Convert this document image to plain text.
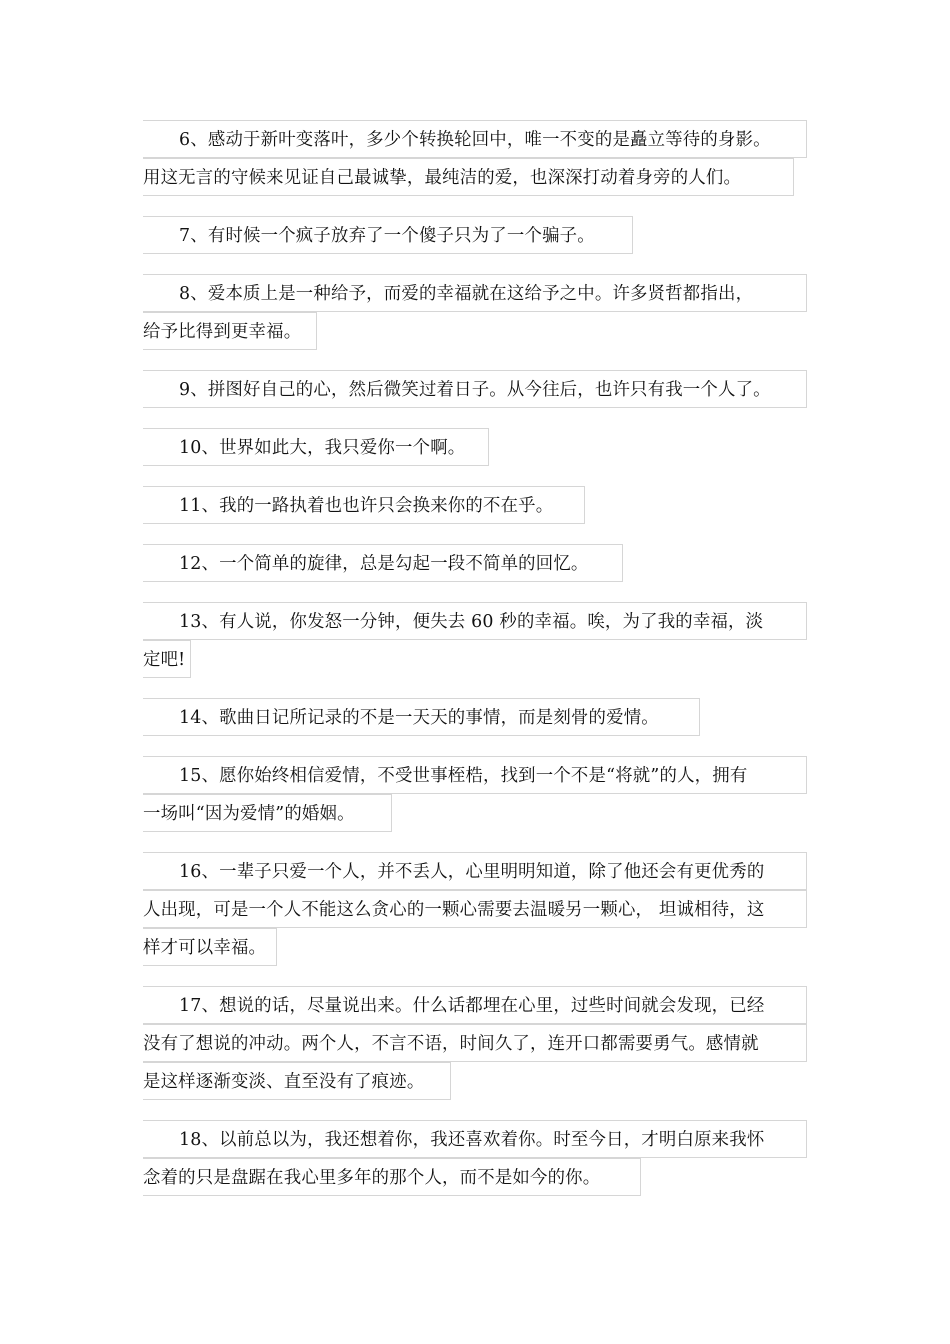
6、感动于新叶变落叶，多少个转换轮回中，唯一不变的是矗立等待的身影。
用这无言的守候来见证自己最诚挚，最纯洁的爱，也深深打动着身旁的人们。
7、有时候一个疯子放弃了一个傻子只为了一个骗子。
8、爱本质上是一种给予，而爱的幸福就在这给予之中。许多贤哲都指出，
给予比得到更幸福。
9、拼图好自己的心，然后微笑过着日子。从今往后，也许只有我一个人了。
10、世界如此大，我只爱你一个啊。
11、我的一路执着也也许只会换来你的不在乎。
12、一个简单的旋律，总是勾起一段不简单的回忆。
13、有人说，你发怒一分钟，便失去 60 秒的幸福。唉，为了我的幸福，淡
定吧!
14、歌曲日记所记录的不是一天天的事情，而是刻骨的爱情。
15、愿你始终相信爱情，不受世事桎梏，找到一个不是“将就”的人，拥有
一场叫“因为爱情”的婚姻。
16、一辈子只爱一个人，并不丢人，心里明明知道，除了他还会有更优秀的
人出现，可是一个人不能这么贪心的一颗心需要去温暖另一颗心， 坦诚相待，这
样才可以幸福。
17、想说的话，尽量说出来。什么话都埋在心里，过些时间就会发现，已经
没有了想说的冲动。两个人，不言不语，时间久了，连开口都需要勇气。感情就
是这样逐渐变淡、直至没有了痕迹。
18、以前总以为，我还想着你，我还喜欢着你。时至今日，才明白原来我怀
念着的只是盘踞在我心里多年的那个人，而不是如今的你。
